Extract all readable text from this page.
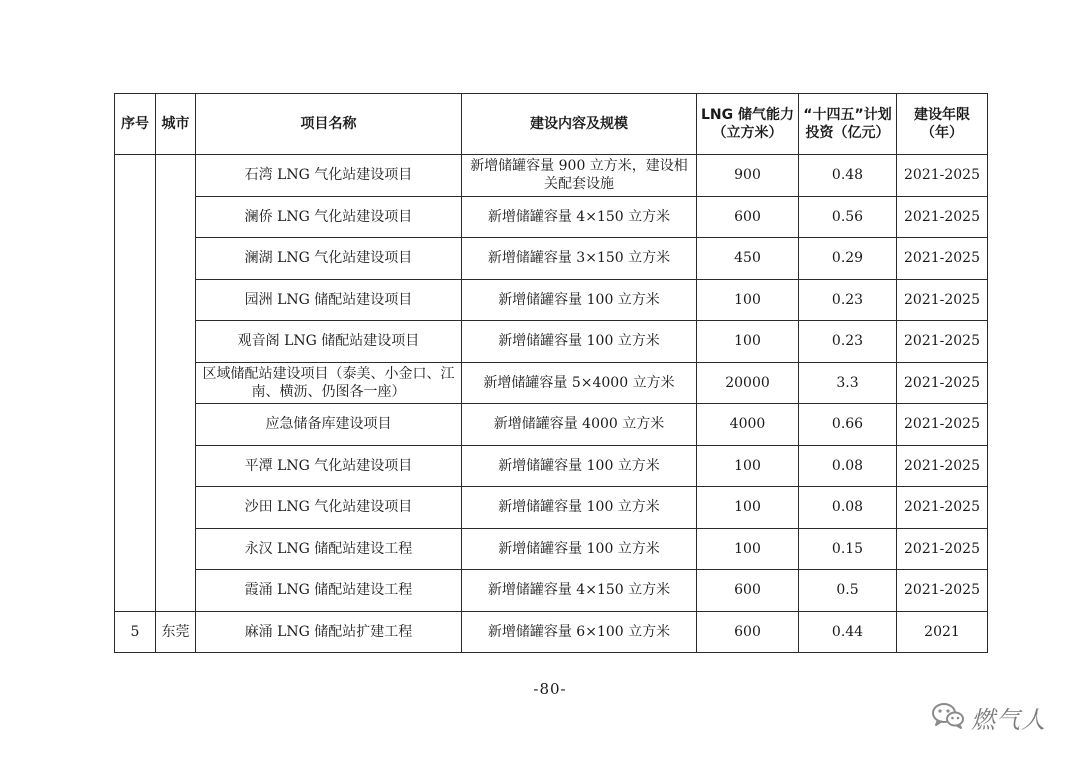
序号	城市	项目名称	建设内容及规模	LNG 储气能力（立方米）	“十四五”计划投资（亿元）	建设年限（年）
		石湾 LNG 气化站建设项目	新增储罐容量 900 立方米，建设相关配套设施	900	0.48	2021-2025
		澜侨 LNG 气化站建设项目	新增储罐容量 4×150 立方米	600	0.56	2021-2025
		澜湖 LNG 气化站建设项目	新增储罐容量 3×150 立方米	450	0.29	2021-2025
		园洲 LNG 储配站建设项目	新增储罐容量 100 立方米	100	0.23	2021-2025
		观音阁 LNG 储配站建设项目	新增储罐容量 100 立方米	100	0.23	2021-2025
		区域储配站建设项目（泰美、小金口、江南、横沥、仍图各一座）	新增储罐容量 5×4000 立方米	20000	3.3	2021-2025
		应急储备库建设项目	新增储罐容量 4000 立方米	4000	0.66	2021-2025
		平潭 LNG 气化站建设项目	新增储罐容量 100 立方米	100	0.08	2021-2025
		沙田 LNG 气化站建设项目	新增储罐容量 100 立方米	100	0.08	2021-2025
		永汉 LNG 储配站建设工程	新增储罐容量 100 立方米	100	0.15	2021-2025
		霞涌 LNG 储配站建设工程	新增储罐容量 4×150 立方米	600	0.5	2021-2025
5	东莞	麻涌 LNG 储配站扩建工程	新增储罐容量 6×100 立方米	600	0.44	2021
-80-
燃气人
